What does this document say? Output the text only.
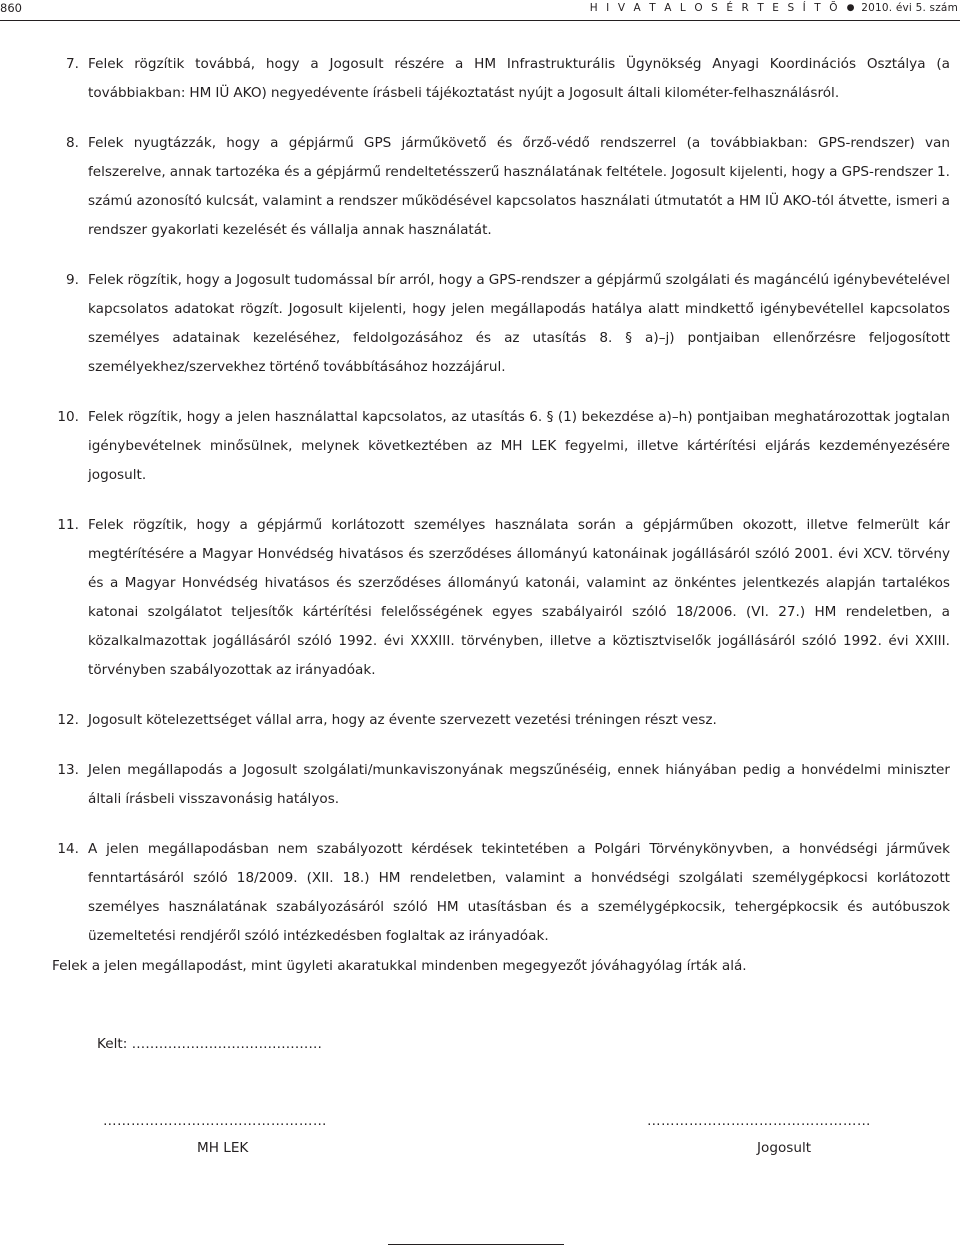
860	H I V A T A L O S É R T E S Í T Õ ● 2010. évi 5. szám
7. Felek rögzítik továbbá, hogy a Jogosult részére a HM Infrastrukturális Ügynökség Anyagi Koordinációs Osztálya (a továbbiakban: HM IÜ AKO) negyedévente írásbeli tájékoztatást nyújt a Jogosult általi kilométer-felhasználásról.
8. Felek nyugtázzák, hogy a gépjármű GPS járműkövető és őrző-védő rendszerrel (a továbbiakban: GPS-rendszer) van felszerelve, annak tartozéka és a gépjármű rendeltetésszerű használatának feltétele. Jogosult kijelenti, hogy a GPS-rendszer 1. számú azonosító kulcsát, valamint a rendszer működésével kapcsolatos használati útmutatót a HM IÜ AKO-tól átvette, ismeri a rendszer gyakorlati kezelését és vállalja annak használatát.
9. Felek rögzítik, hogy a Jogosult tudomással bír arról, hogy a GPS-rendszer a gépjármű szolgálati és magáncélú igénybevételével kapcsolatos adatokat rögzít. Jogosult kijelenti, hogy jelen megállapodás hatálya alatt mindkettő igénybevétellel kapcsolatos személyes adatainak kezeléséhez, feldolgozásához és az utasítás 8. § a)–j) pontjaiban ellenőrzésre feljogosított személyekhez/szervekhez történő továbbításához hozzájárul.
10. Felek rögzítik, hogy a jelen használattal kapcsolatos, az utasítás 6. § (1) bekezdése a)–h) pontjaiban meghatározottak jogtalan igénybevételnek minősülnek, melynek következtében az MH LEK fegyelmi, illetve kártérítési eljárás kezdeményezésére jogosult.
11. Felek rögzítik, hogy a gépjármű korlátozott személyes használata során a gépjárműben okozott, illetve felmerült kár megtérítésére a Magyar Honvédség hivatásos és szerződéses állományú katonáinak jogállásáról szóló 2001. évi XCV. törvény és a Magyar Honvédség hivatásos és szerződéses állományú katonái, valamint az önkéntes jelentkezés alapján tartalékos katonai szolgálatot teljesítők kártérítési felelősségének egyes szabályairól szóló 18/2006. (VI. 27.) HM rendeletben, a közalkalmazottak jogállásáról szóló 1992. évi XXXIII. törvényben, illetve a köztisztviselők jogállásáról szóló 1992. évi XXIII. törvényben szabályozottak az irányadóak.
12. Jogosult kötelezettséget vállal arra, hogy az évente szervezett vezetési tréningen részt vesz.
13. Jelen megállapodás a Jogosult szolgálati/munkaviszonyának megszűnéséig, ennek hiányában pedig a honvédelmi miniszter általi írásbeli visszavonásig hatályos.
14. A jelen megállapodásban nem szabályozott kérdések tekintetében a Polgári Törvénykönyvben, a honvédségi járművek fenntartásáról szóló 18/2009. (XII. 18.) HM rendeletben, valamint a honvédségi szolgálati személygépkocsi korlátozott személyes használatának szabályozásáról szóló HM utasításban és a személygépkocsik, tehergépkocsik és autóbuszok üzemeltetési rendjéről szóló intézkedésben foglaltak az irányadóak.
Felek a jelen megállapodást, mint ügyleti akaratukkal mindenben megegyezőt jóváhagyólag írták alá.
Kelt: ……………………………………
…………………………………………
MH LEK
…………………………………………
Jogosult
